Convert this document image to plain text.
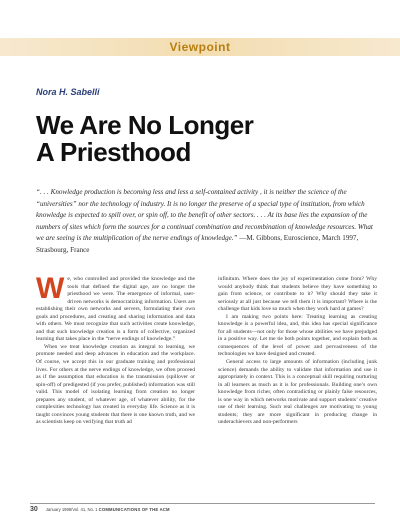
Viewpoint
Nora H. Sabelli
We Are No Longer
A Priesthood
“. . . Knowledge production is becoming less and less a self-contained activity , it is neither the science of the “universities” nor the technology of industry. It is no longer the preserve of a special type of institution, from which knowledge is expected to spill over, or spin off, to the benefit of other sectors. . . . At its base lies the expansion of the numbers of sites which form the sources for a continual combination and recombination of knowledge resources. What we are seeing is the multiplication of the nerve endings of knowledge.” —M. Gibbons, Euroscience, March 1997, Strasbourg, France

We, who controlled and provided the knowledge and the tools that defined the digital age, are no longer the priesthood we were. The emergence of informal, user-driven networks is democratizing information. Users are establishing their own networks and servers, formulating their own goals and procedures, and creating and sharing information and data with others. We must recognize that such activities create knowledge, and that such knowledge creation is a form of collective, organized learning that takes place in the “nerve endings of knowledge.”

When we treat knowledge creation as integral to learning, we promote needed and deep advances in education and the workplace. Of course, we accept this in our graduate training and professional lives. For others at the nerve endings of knowledge, we often proceed as if the assumption that education is the transmission (spillover or spin-off) of predigested (if you prefer, published) information was still valid. This model of isolating learning from creation no longer prepares any student, of whatever age, of whatever ability, for the complexities technology has created in everyday life. Science as it is taught convinces young students that there is one known truth, and we as scientists keep on verifying that truth ad

infinitum. Where does the joy of experimentation come from? Why would anybody think that students believe they have something to gain from science, or contribute to it? Why should they take it seriously at all just because we tell them it is important? Where is the challenge that kids love so much when they work hard at games?

I am making two points here: Treating learning as creating knowledge is a powerful idea, and, this idea has special significance for all students—not only for those whose abilities we have prejudged in a positive way. Let me tie both points together, and explain both as consequences of the level of power and pervasiveness of the technologies we have designed and created.

General access to large amounts of information (including junk science) demands the ability to validate that information and use it appropriately in context. This is a conceptual skill requiring nurturing in all learners as much as it is for professionals. Building one’s own knowledge from richer, often contradicting or plainly false resources, is one way in which networks motivate and support students’ creative use of their learning. Such real challenges are motivating to young students; they are more significant in producing change in underachievers and non-performers

30 January 1998/Vol. 41, No. 1 COMMUNICATIONS OF THE ACM
